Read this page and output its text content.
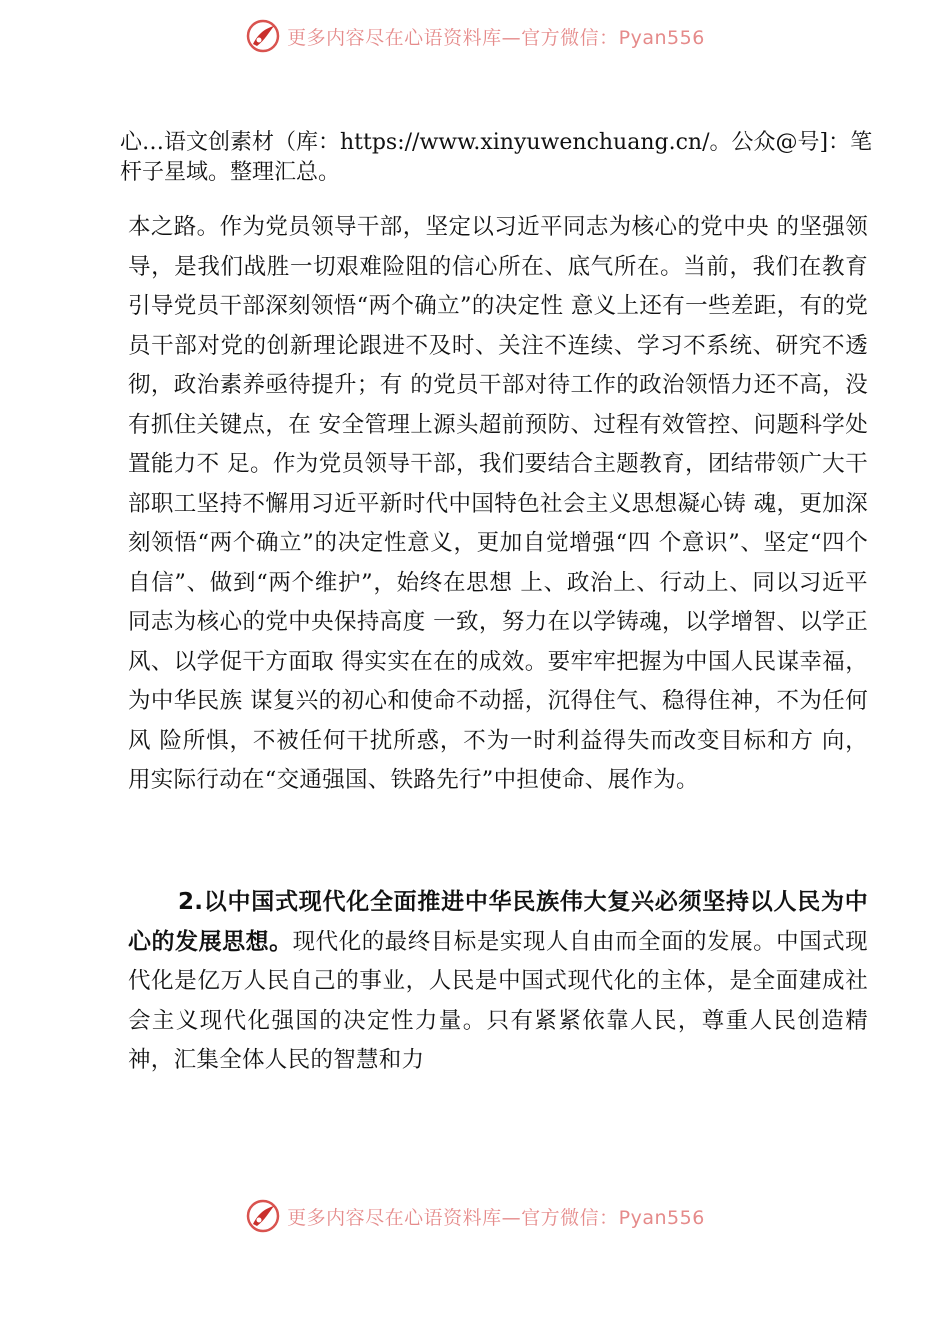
更多内容尽在心语资料库—官方微信：Pyan556

心…语文创素材（库：https://www.xinyuwenchuang.cn/。公众@号]：笔杆子星域。整理汇总。

本之路。作为党员领导干部，坚定以习近平同志为核心的党中央 的坚强领导，是我们战胜一切艰难险阻的信心所在、底气所在。当前，我们在教育引导党员干部深刻领悟“两个确立”的决定性 意义上还有一些差距，有的党员干部对党的创新理论跟进不及时、关注不连续、学习不系统、研究不透彻，政治素养亟待提升；有 的党员干部对待工作的政治领悟力还不高，没有抓住关键点，在 安全管理上源头超前预防、过程有效管控、问题科学处置能力不 足。作为党员领导干部，我们要结合主题教育，团结带领广大干 部职工坚持不懈用习近平新时代中国特色社会主义思想凝心铸 魂，更加深刻领悟“两个确立”的决定性意义，更加自觉增强“四 个意识”、坚定“四个自信”、做到“两个维护”，始终在思想 上、政治上、行动上、同以习近平同志为核心的党中央保持高度 一致，努力在以学铸魂，以学增智、以学正风、以学促干方面取 得实实在在的成效。要牢牢把握为中国人民谋幸福，为中华民族 谋复兴的初心和使命不动摇，沉得住气、稳得住神，不为任何风 险所惧，不被任何干扰所惑，不为一时利益得失而改变目标和方 向，用实际行动在“交通强国、铁路先行”中担使命、展作为。

2.以中国式现代化全面推进中华民族伟大复兴必须坚持以人民为中心的发展思想。现代化的最终目标是实现人自由而全面的发展。中国式现代化是亿万人民自己的事业，人民是中国式现代化的主体，是全面建成社会主义现代化强国的决定性力量。只有紧紧依靠人民，尊重人民创造精神，汇集全体人民的智慧和力

更多内容尽在心语资料库—官方微信：Pyan556
